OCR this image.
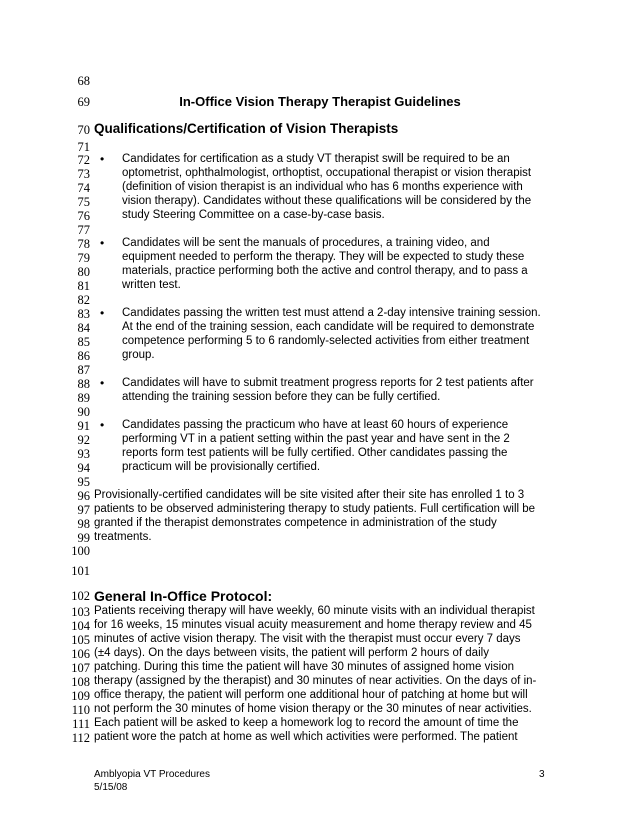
68
69
70
71
72
73
74
75
76
77
78
79
80
81
82
83
84
85
86
87
88
89
90
91
92
93
94
95
96
97
98
99
100
101
102
103
104
105
106
107
108
109
110
111
112
In-Office Vision Therapy Therapist Guidelines
Qualifications/Certification of Vision Therapists
• Candidates for certification as a study VT therapist swill be required to be an
optometrist, ophthalmologist, orthoptist, occupational therapist or vision therapist
(definition of vision therapist is an individual who has 6 months experience with
vision therapy). Candidates without these qualifications will be considered by the
study Steering Committee on a case-by-case basis.
• Candidates will be sent the manuals of procedures, a training video, and
equipment needed to perform the therapy. They will be expected to study these
materials, practice performing both the active and control therapy, and to pass a
written test.
• Candidates passing the written test must attend a 2-day intensive training session.
At the end of the training session, each candidate will be required to demonstrate
competence performing 5 to 6 randomly-selected activities from either treatment
group.
• Candidates will have to submit treatment progress reports for 2 test patients after
attending the training session before they can be fully certified.
• Candidates passing the practicum who have at least 60 hours of experience
performing VT in a patient setting within the past year and have sent in the 2
reports form test patients will be fully certified. Other candidates passing the
practicum will be provisionally certified.
Provisionally-certified candidates will be site visited after their site has enrolled 1 to 3
patients to be observed administering therapy to study patients. Full certification will be
granted if the therapist demonstrates competence in administration of the study
treatments.
General In-Office Protocol:
Patients receiving therapy will have weekly, 60 minute visits with an individual therapist
for 16 weeks, 15 minutes visual acuity measurement and home therapy review and 45
minutes of active vision therapy. The visit with the therapist must occur every 7 days
(±4 days). On the days between visits, the patient will perform 2 hours of daily
patching. During this time the patient will have 30 minutes of assigned home vision
therapy (assigned by the therapist) and 30 minutes of near activities. On the days of in-
office therapy, the patient will perform one additional hour of patching at home but will
not perform the 30 minutes of home vision therapy or the 30 minutes of near activities.
Each patient will be asked to keep a homework log to record the amount of time the
patient wore the patch at home as well which activities were performed. The patient
Amblyopia VT Procedures
5/15/08
3
